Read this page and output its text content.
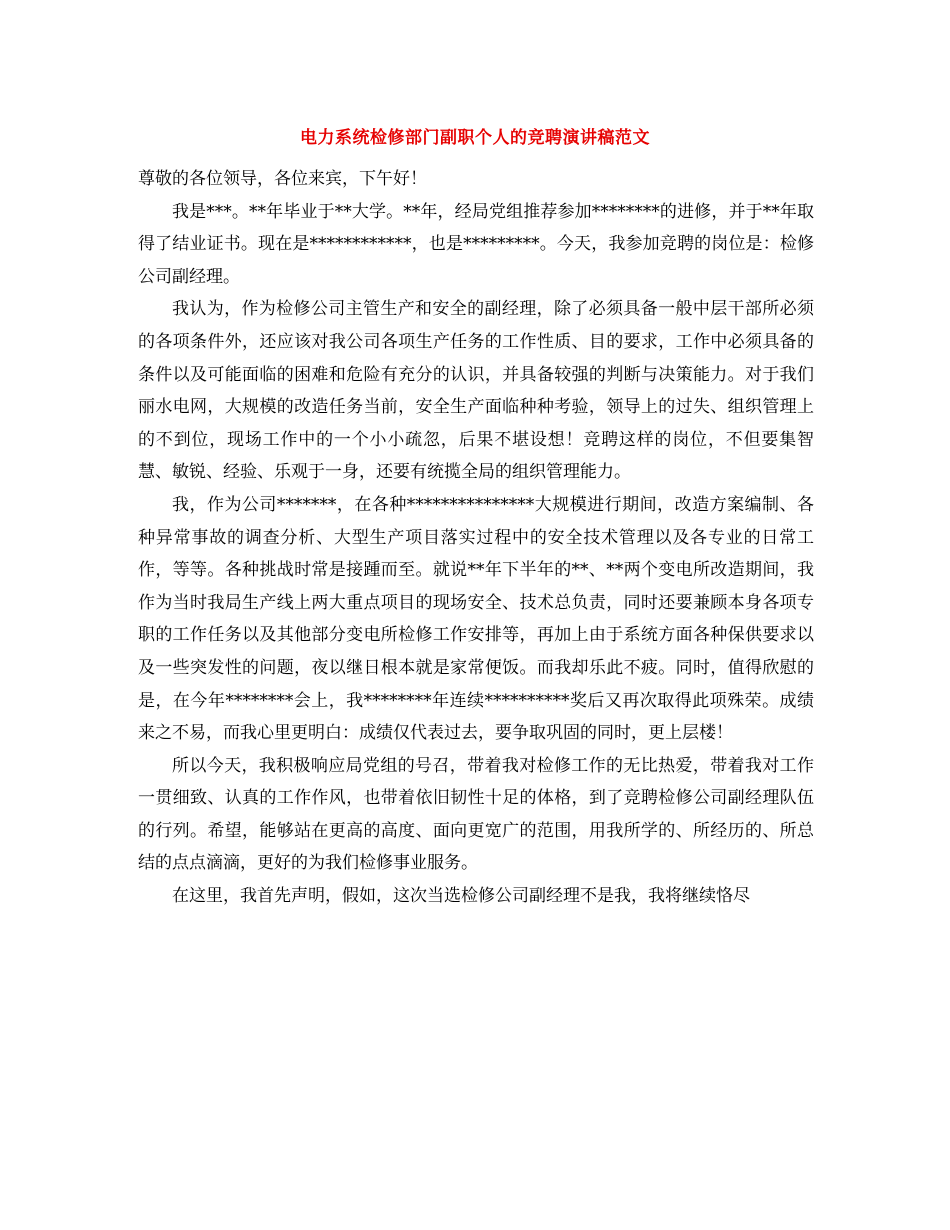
电力系统检修部门副职个人的竞聘演讲稿范文

尊敬的各位领导，各位来宾，下午好！

我是***。**年毕业于**大学。**年，经局党组推荐参加********的进修，并于**年取得了结业证书。现在是************，也是*********。今天，我参加竞聘的岗位是：检修公司副经理。

我认为，作为检修公司主管生产和安全的副经理，除了必须具备一般中层干部所必须的各项条件外，还应该对我公司各项生产任务的工作性质、目的要求，工作中必须具备的条件以及可能面临的困难和危险有充分的认识，并具备较强的判断与决策能力。对于我们丽水电网，大规模的改造任务当前，安全生产面临种种考验，领导上的过失、组织管理上的不到位，现场工作中的一个小小疏忽，后果不堪设想！竞聘这样的岗位，不但要集智慧、敏锐、经验、乐观于一身，还要有统揽全局的组织管理能力。

我，作为公司*******，在各种***************大规模进行期间，改造方案编制、各种异常事故的调查分析、大型生产项目落实过程中的安全技术管理以及各专业的日常工作，等等。各种挑战时常是接踵而至。就说**年下半年的**、**两个变电所改造期间，我作为当时我局生产线上两大重点项目的现场安全、技术总负责，同时还要兼顾本身各项专职的工作任务以及其他部分变电所检修工作安排等，再加上由于系统方面各种保供要求以及一些突发性的问题，夜以继日根本就是家常便饭。而我却乐此不疲。同时，值得欣慰的是，在今年********会上，我********年连续**********奖后又再次取得此项殊荣。成绩来之不易，而我心里更明白：成绩仅代表过去，要争取巩固的同时，更上层楼！

所以今天，我积极响应局党组的号召，带着我对检修工作的无比热爱，带着我对工作一贯细致、认真的工作作风，也带着依旧韧性十足的体格，到了竞聘检修公司副经理队伍的行列。希望，能够站在更高的高度、面向更宽广的范围，用我所学的、所经历的、所总结的点点滴滴，更好的为我们检修事业服务。

在这里，我首先声明，假如，这次当选检修公司副经理不是我，我将继续恪尽
